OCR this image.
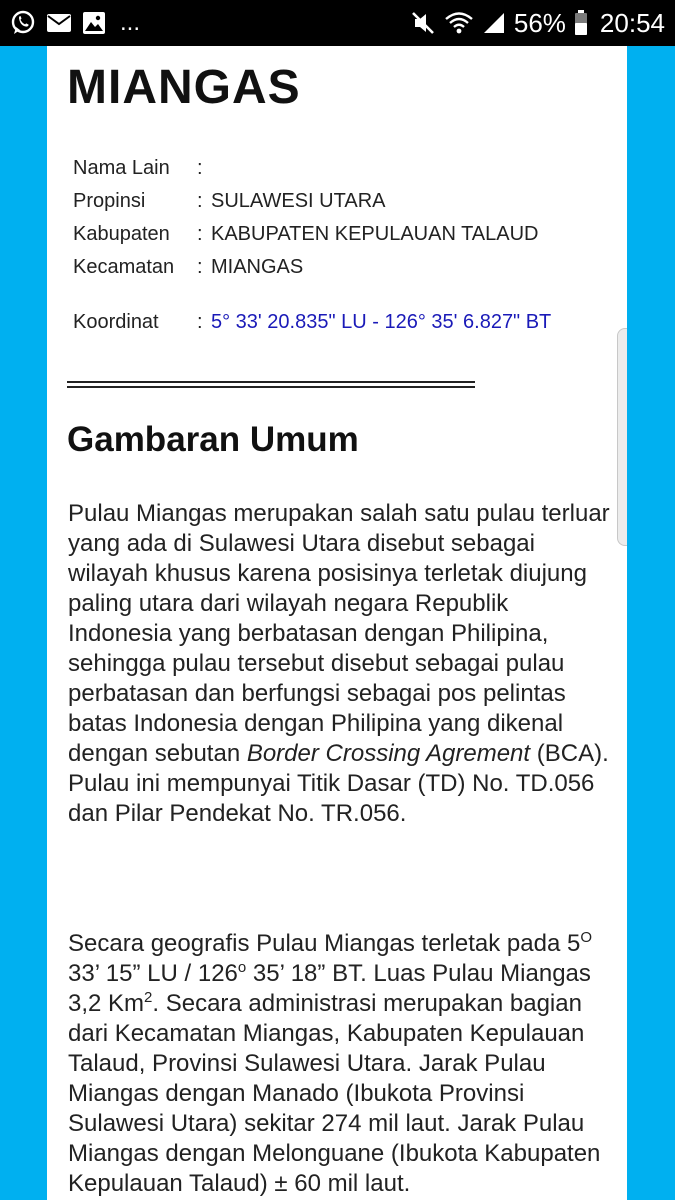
...	56% 20:54
MIANGAS
Nama Lain	:	
Propinsi	:	SULAWESI UTARA
Kabupaten	:	KABUPATEN KEPULAUAN TALAUD
Kecamatan	:	MIANGAS

Koordinat	:	5° 33' 20.835" LU - 126° 35' 6.827" BT
Gambaran Umum

Pulau Miangas merupakan salah satu pulau terluar yang ada di Sulawesi Utara disebut sebagai wilayah khusus karena posisinya terletak diujung paling utara dari wilayah negara Republik Indonesia yang berbatasan dengan Philipina, sehingga pulau tersebut disebut sebagai pulau perbatasan dan berfungsi sebagai pos pelintas batas Indonesia dengan Philipina yang dikenal dengan sebutan Border Crossing Agrement (BCA). Pulau ini mempunyai Titik Dasar (TD) No. TD.056 dan Pilar Pendekat No. TR.056.

Secara geografis Pulau Miangas terletak pada $5^O$ 33’ 15” LU / 126$^o$ 35’ 18” BT. Luas Pulau Miangas 3,2 Km$^2$. Secara administrasi merupakan bagian dari Kecamatan Miangas, Kabupaten Kepulauan Talaud, Provinsi Sulawesi Utara. Jarak Pulau Miangas dengan Manado (Ibukota Provinsi Sulawesi Utara) sekitar 274 mil laut. Jarak Pulau Miangas dengan Melonguane (Ibukota Kabupaten Kepulauan Talaud) ± 60 mil laut.
